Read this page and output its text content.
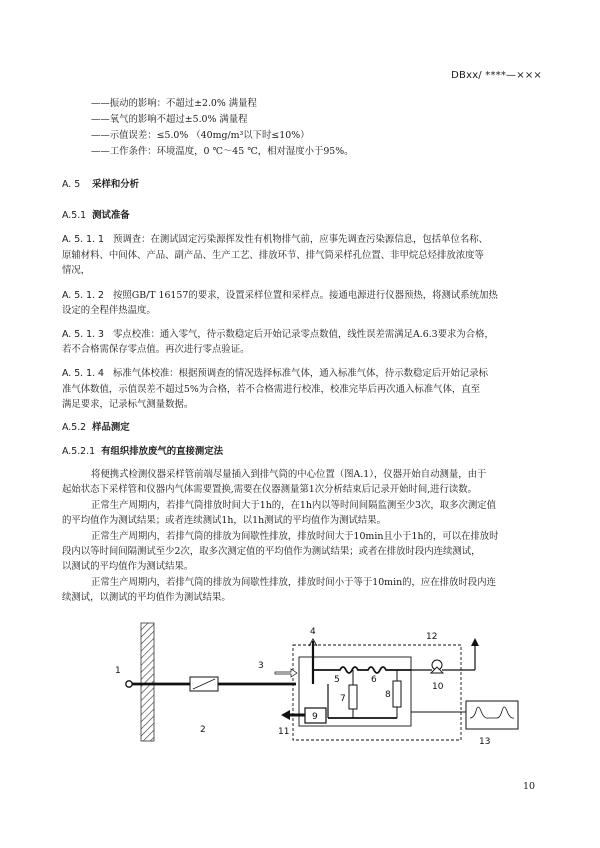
DBxx/ ****—×××
——振动的影响：不超过±2.0% 满量程
——氧气的影响不超过±5.0% 满量程
——示值误差：≤5.0% （40mg/m³以下时≤10%）
——工作条件：环境温度，0 ℃～45 ℃，相对湿度小于95%。
A. 5 采样和分析
A.5.1 测试准备
A. 5. 1. 1 预调查：在测试固定污染源挥发性有机物排气前，应事先调查污染源信息，包括单位名称、
原辅材料、中间体、产品、副产品、生产工艺、排放环节、排气筒采样孔位置、非甲烷总烃排放浓度等
情况，
A. 5. 1. 2 按照GB/T 16157的要求，设置采样位置和采样点。接通电源进行仪器预热，将测试系统加热
设定的全程伴热温度。
A. 5. 1. 3 零点校准：通入零气，待示数稳定后开始记录零点数值，线性误差需满足A.6.3要求为合格，
若不合格需保存零点值。再次进行零点验证。
A. 5. 1. 4 标准气体校准：根据预调查的情况选择标准气体，通入标准气体，待示数稳定后开始记录标
准气体数值，示值误差不超过5%为合格，若不合格需进行校准，校准完毕后再次通入标准气体，直至
满足要求，记录标气测量数据。
A.5.2 样品测定
A.5.2.1 有组织排放废气的直接测定法
将便携式检测仪器采样管前端尽量插入到排气筒的中心位置（图A.1），仪器开始自动测量，由于
起始状态下采样管和仪器内气体需要置换,需要在仪器测量第1次分析结束后记录开始时间,进行读数。
正常生产周期内，若排气筒排放时间大于1h的，在1h内以等时间间隔监测至少3次，取多次测定值
的平均值作为测试结果；或者连续测试1h，以1h测试的平均值作为测试结果。
正常生产周期内，若排气筒的排放为间歇性排放，排放时间大于10min且小于1h的，可以在排放时
段内以等时间间隔测试至少2次，取多次测定值的平均值作为测试结果；或者在排放时段内连续测试，
以测试的平均值作为测试结果。
正常生产周期内，若排气筒的排放为间歇性排放，排放时间小于等于10min的，应在排放时段内连
续测试，以测试的平均值作为测试结果。
1
2
3
4
5	6
7	8
9
10
11
12
13
10
